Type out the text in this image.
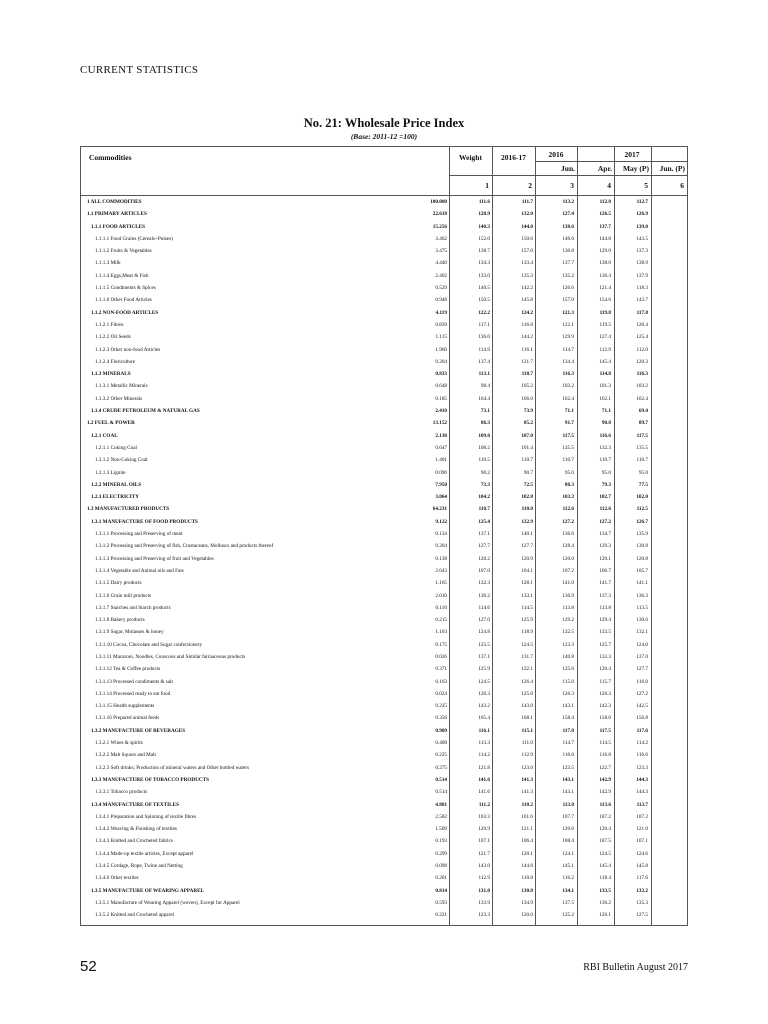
CURRENT STATISTICS
No. 21: Wholesale Price Index
(Base: 2011-12 =100)
Commodities	Weight	2016-17	2016	2017
Jun.	Apr.	May (P)	Jun. (P)
1	2	3	4	5	6
1 ALL COMMODITIES	100.000	111.6	111.7	113.2	112.8	112.7
1.1 PRIMARY ARTICLES	22.618	128.9	132.0	127.4	126.5	126.9
1.1.1 FOOD ARTICLES	15.256	140.3	144.0	138.6	137.7	139.0
1.1.1.1 Food Grains (Cereals+Pulses)	3.462	152.0	150.6	146.6	144.8	143.5
1.1.1.2 Fruits & Vegetables	3.475	138.7	157.0	130.8	129.0	137.3
1.1.1.3 Milk	4.440	134.3	133.4	137.7	138.0	138.9
1.1.1.4 Eggs,Meat & Fish	2.402	133.0	135.3	135.2	136.4	137.9
1.1.1.5 Condiments & Spices	0.529	140.5	142.2	126.6	121.4	118.3
1.1.1.6 Other Food Articles	0.948	150.5	145.8	157.0	154.6	143.7
1.1.2 NON-FOOD ARTICLES	4.119	122.2	124.2	121.3	119.8	117.8
1.1.2.1 Fibres	0.839	117.1	116.8	122.1	119.5	120.4
1.1.2.2 Oil Seeds	1.115	136.0	144.2	129.9	127.4	125.4
1.1.2.3 Other non-food Articles	1.960	114.9	116.1	114.7	112.9	112.0
1.1.2.4 Floriculture	0.204	137.4	121.7	134.4	145.4	120.3
1.1.3 MINERALS	0.833	113.1	118.7	116.3	114.8	116.3
1.1.3.1 Metallic Minerals	0.648	98.4	105.2	103.2	101.3	103.2
1.1.3.2 Other Minerals	0.185	164.4	166.0	162.4	162.1	162.4
1.1.4 CRUDE PETROLEUM & NATURAL GAS	2.410	73.1	73.9	71.1	71.1	69.4
1.2 FUEL & POWER	13.152	86.3	85.2	91.7	90.8	89.7
1.2.1 COAL	2.138	109.0	107.0	117.5	116.6	117.5
1.2.1.1 Coking Coal	0.647	108.2	101.4	135.5	132.3	135.5
1.2.1.2 Non-Coking Coal	1.401	110.5	110.7	110.7	110.7	110.7
1.2.1.3 Lignite	0.090	90.2	90.7	95.0	95.0	95.0
1.2.2 MINERAL OILS	7.950	73.3	72.5	80.3	79.3	77.5
1.2.3 ELECTRICITY	3.064	104.2	102.8	103.3	102.7	102.0
1.3 MANUFACTURED PRODUCTS	64.231	110.7	110.0	112.6	112.6	112.5
1.3.1 MANUFACTURE OF FOOD PRODUCTS	9.122	125.4	122.9	127.2	127.2	126.7
1.3.1.1 Processing and Preserving of meat	0.134	137.1	140.1	136.6	134.7	135.9
1.3.1.2 Processing and Preserving of fish, Crustaceans, Molluscs and products thereof	0.204	127.7	127.7	128.4	129.3	130.8
1.3.1.3 Processing and Preserving of fruit and Vegetables	0.138	120.2	120.9	120.0	120.1	120.8
1.3.1.4 Vegetable and Animal oils and Fats	2.643	107.0	104.1	107.2	106.7	105.7
1.3.1.5 Dairy products	1.165	132.3	128.1	141.0	141.7	141.1
1.3.1.6 Grain mill products	2.010	136.2	133.1	136.9	137.3	136.3
1.3.1.7 Starches and Starch products	0.110	114.6	114.5	113.8	113.8	113.5
1.3.1.8 Bakery products	0.215	127.0	125.9	129.2	129.4	130.6
1.3.1.9 Sugar, Molasses & honey	1.163	124.8	118.9	132.5	133.5	132.1
1.3.1.10 Cocoa, Chocolate and Sugar confectionery	0.175	125.5	124.5	123.3	125.7	124.0
1.3.1.11 Macaroni, Noodles, Couscous and Similar farinaceous products	0.026	137.1	131.7	140.8	133.3	137.0
1.3.1.12 Tea & Coffee products	0.371	125.9	122.1	125.6	120.4	127.7
1.3.1.13 Processed condiments & salt	0.163	124.5	126.4	115.0	115.7	116.0
1.3.1.14 Processed ready to eat food	0.024	126.3	125.0	126.3	126.3	127.2
1.3.1.15 Health supplements	0.225	143.2	143.0	143.1	142.3	142.5
1.3.1.16 Prepared animal feeds	0.356	165.4	168.1	158.4	158.0	156.8
1.3.2 MANUFACTURE OF BEVERAGES	0.909	116.1	115.1	117.8	117.5	117.6
1.3.2.1 Wines & spirits	0.408	113.3	111.0	114.7	114.5	114.2
1.3.2.2 Malt liquors and Malt	0.225	114.2	112.9	116.6	116.8	116.6
1.3.2.3 Soft drinks; Production of mineral waters and Other bottled waters	0.275	121.8	123.0	123.5	122.7	123.3
1.3.3 MANUFACTURE OF TOBACCO PRODUCTS	0.514	141.6	141.3	143.1	142.9	144.3
1.3.3.1 Tobacco products	0.514	141.6	141.3	143.1	142.9	144.3
1.3.4 MANUFACTURE OF TEXTILES	4.881	111.2	110.2	113.8	113.6	113.7
1.3.4.1 Preparation and Spinning of textile fibres	2.582	103.3	101.6	107.7	107.2	107.2
1.3.4.2 Weaving & Finishing of textiles	1.509	120.9	121.1	120.6	120.4	121.0
1.3.4.3 Knitted and Crocheted fabrics	0.193	107.1	106.4	108.4	107.5	107.1
1.3.4.4 Made-up textile articles, Except apparel	0.299	121.7	120.1	124.1	124.5	124.6
1.3.4.5 Cordage, Rope, Twine and Netting	0.098	143.0	144.6	145.1	145.4	145.8
1.3.4.6 Other textiles	0.201	112.9	110.8	116.2	118.4	117.6
1.3.5 MANUFACTURE OF WEARING APPAREL	0.814	131.0	130.8	134.1	133.5	133.2
1.3.5.1 Manufacture of Wearing Apparel (woven), Except fur Apparel	0.593	133.9	134.9	137.5	136.2	135.3
1.3.5.2 Knitted and Crocheted apparel	0.221	123.3	120.0	125.2	126.1	127.5
52	RBI Bulletin August 2017
